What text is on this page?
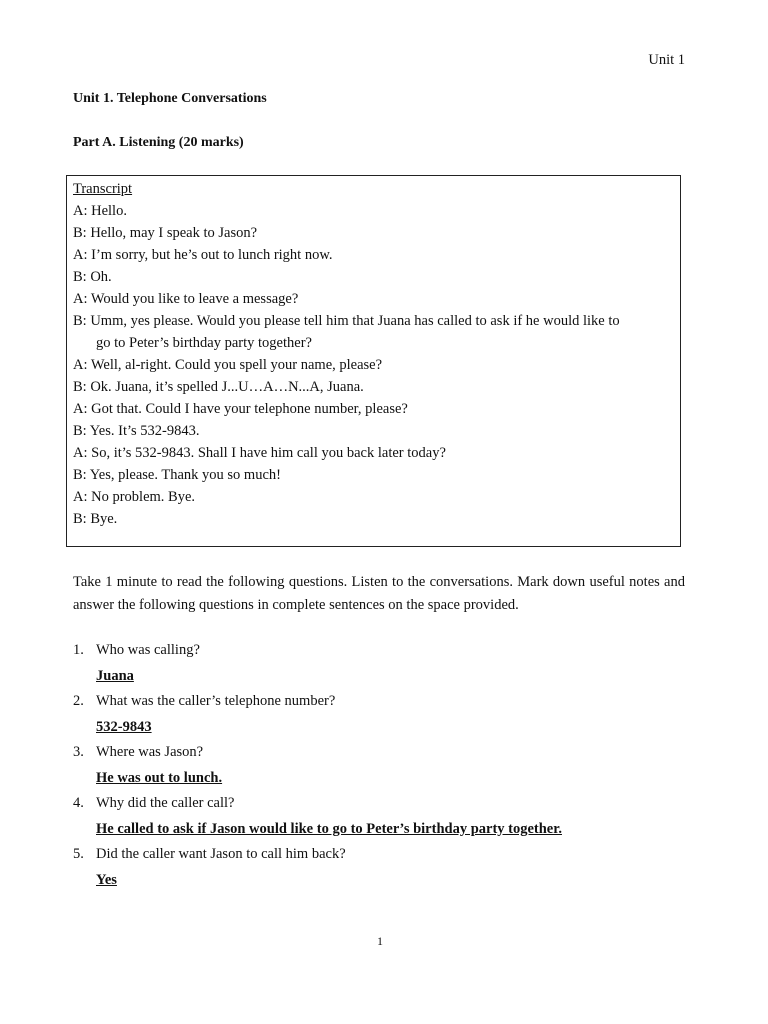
Unit 1
Unit 1. Telephone Conversations
Part A. Listening (20 marks)
Transcript
A: Hello.
B: Hello, may I speak to Jason?
A: I’m sorry, but he’s out to lunch right now.
B: Oh.
A: Would you like to leave a message?
B: Umm, yes please. Would you please tell him that Juana has called to ask if he would like to
go to Peter’s birthday party together?
A: Well, al-right. Could you spell your name, please?
B: Ok. Juana, it’s spelled J...U…A…N...A, Juana.
A: Got that. Could I have your telephone number, please?
B: Yes. It’s 532-9843.
A: So, it’s 532-9843. Shall I have him call you back later today?
B: Yes, please. Thank you so much!
A: No problem. Bye.
B: Bye.
Take 1 minute to read the following questions. Listen to the conversations. Mark down useful notes and answer the following questions in complete sentences on the space provided.
1. Who was calling?
Juana
2. What was the caller’s telephone number?
532-9843
3. Where was Jason?
He was out to lunch.
4. Why did the caller call?
He called to ask if Jason would like to go to Peter’s birthday party together.
5. Did the caller want Jason to call him back?
Yes
1
